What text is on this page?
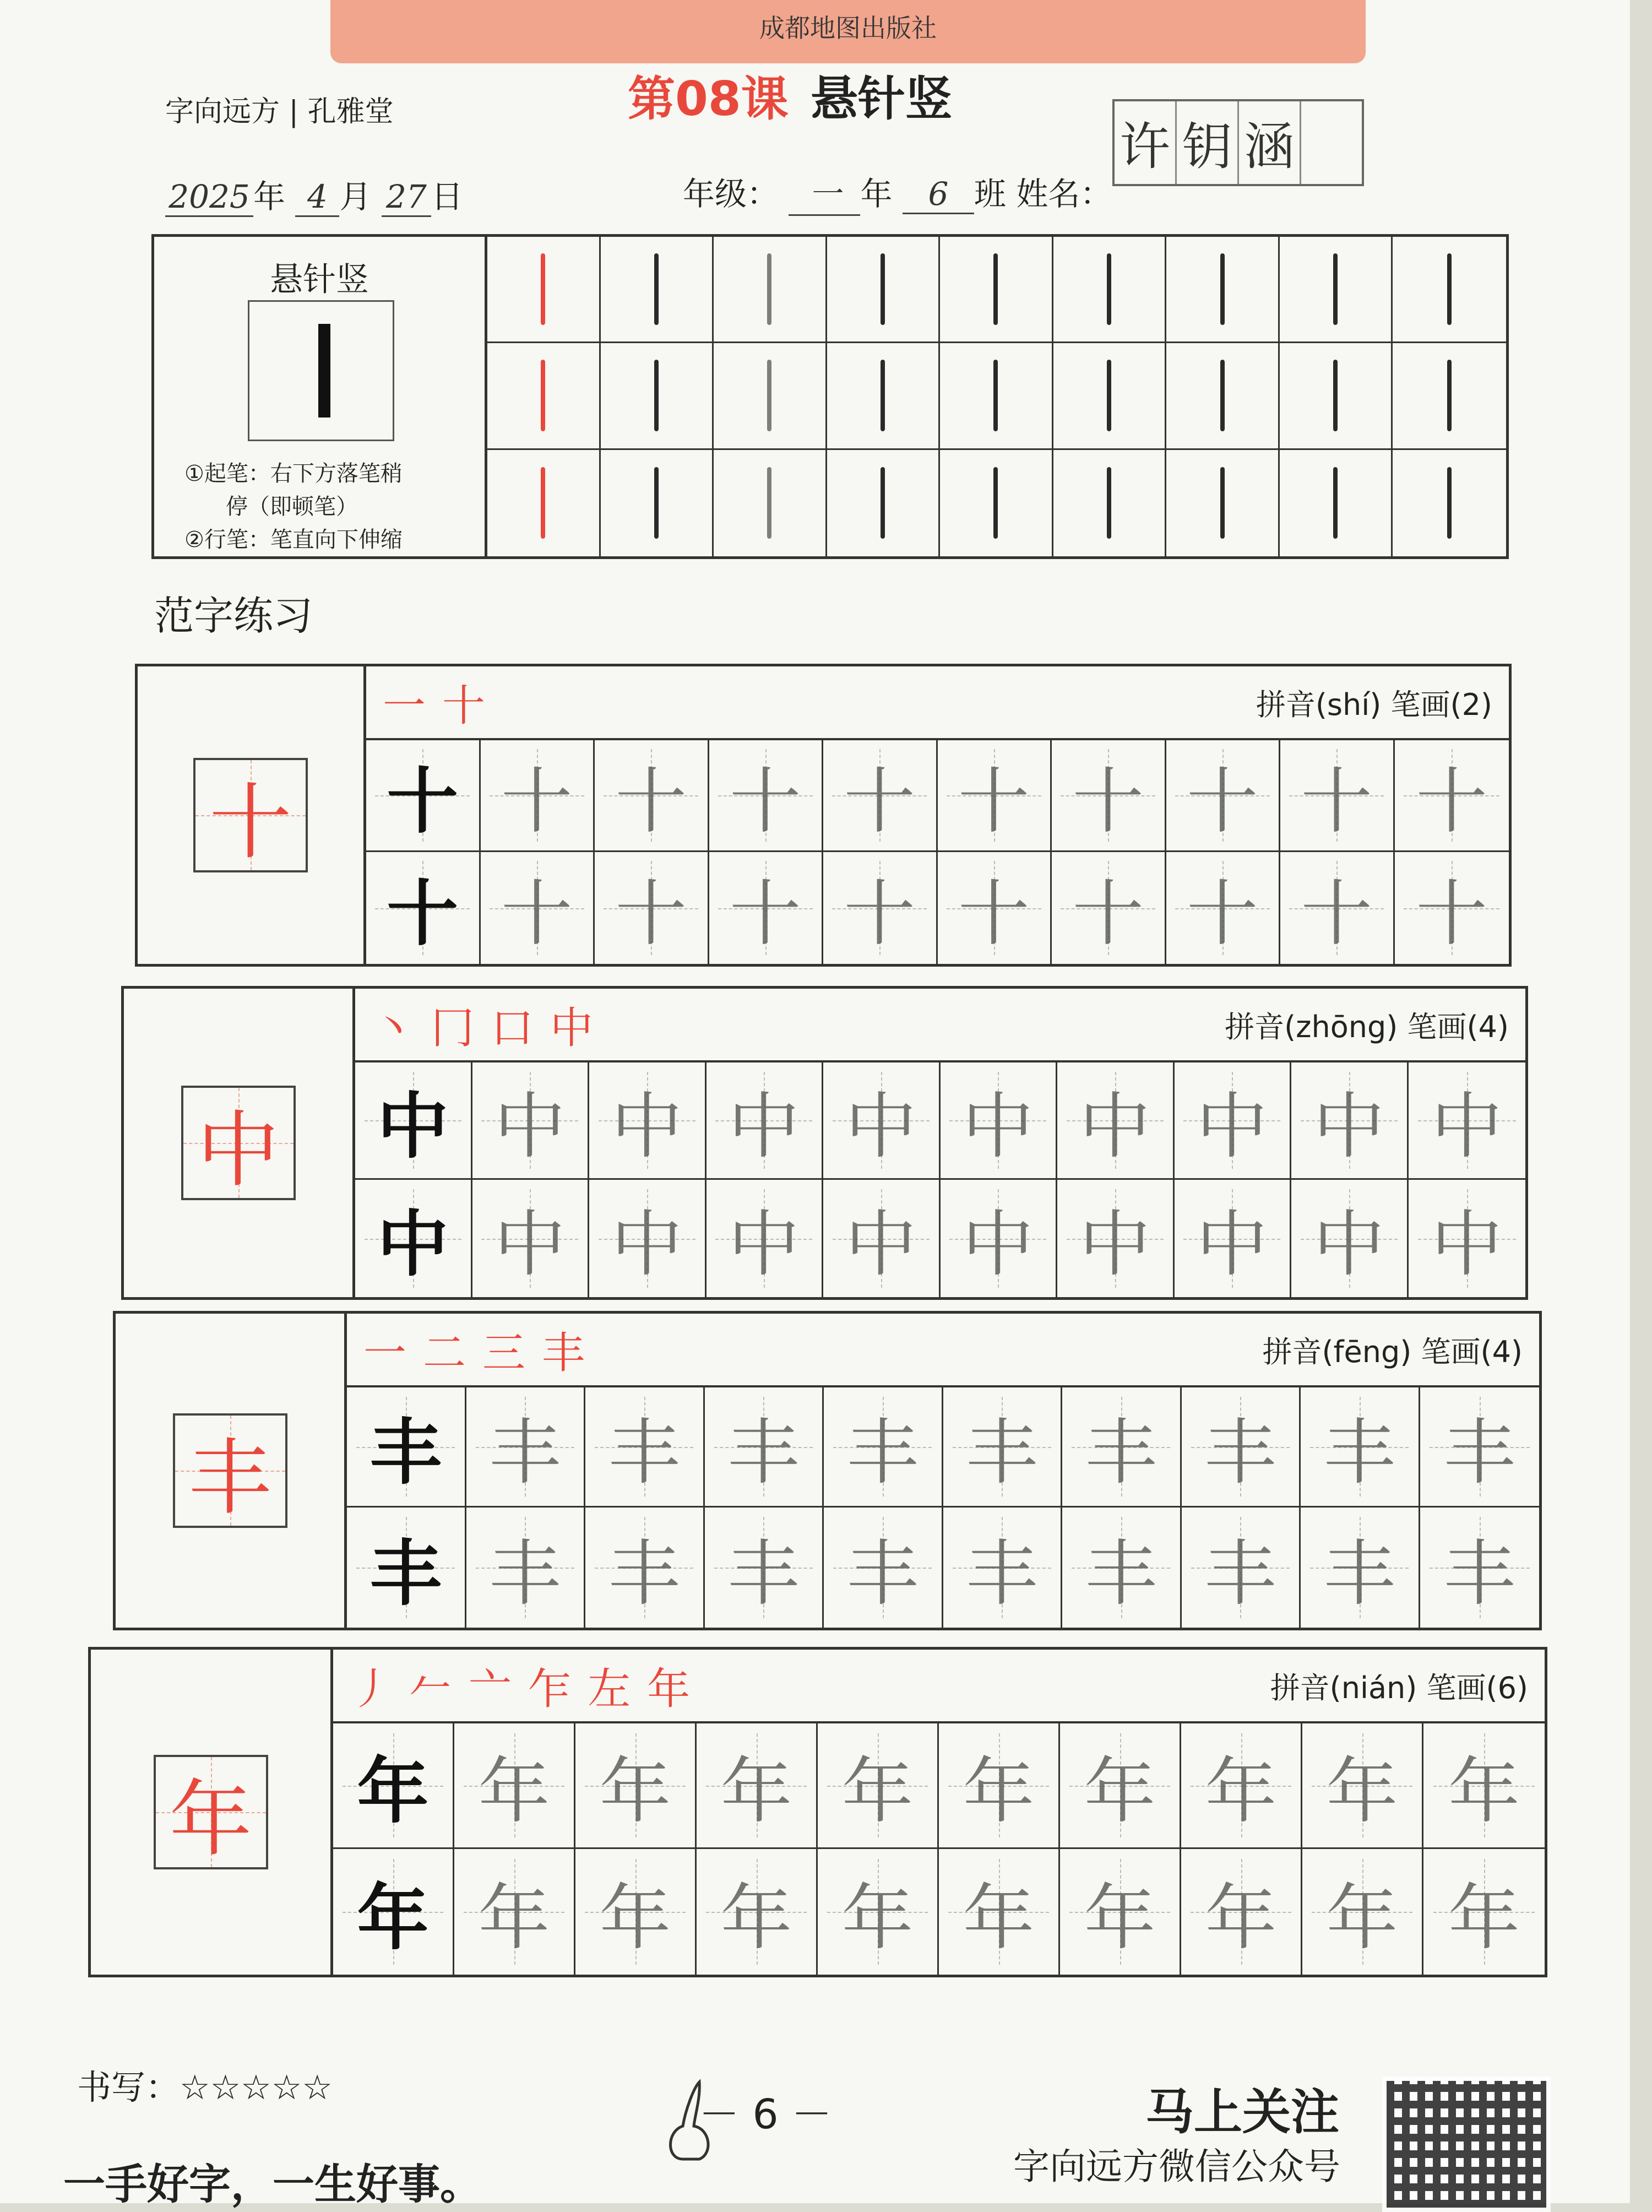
成都地图出版社
字向远方 | 孔雅堂	第08课 悬针竖
2025 年 4 月 27 日	年级： 一 年 6 班 姓名：
许 钥 涵
悬针竖
①起笔：右下方落笔稍
停（即顿笔）
②行笔：笔直向下伸缩
范字练习
十
一十	拼音(shí) 笔画(2)
十 十 十 十 十 十 十 十 十 十
十 十 十 十 十 十 十 十 十 十
中
丶冂口中	拼音(zhōng) 笔画(4)
中 中 中 中 中 中 中 中 中 中
中 中 中 中 中 中 中 中 中 中
丰
一二三丰	拼音(fēng) 笔画(4)
丰 丰 丰 丰 丰 丰 丰 丰 丰 丰
丰 丰 丰 丰 丰 丰 丰 丰 丰 丰
年
丿𠂉亠乍左年	拼音(nián) 笔画(6)
年 年 年 年 年 年 年 年 年 年
年 年 年 年 年 年 年 年 年 年
书写：☆☆☆☆☆
－ 6 －	马上关注
字向远方微信公众号
一手好字，一生好事。
